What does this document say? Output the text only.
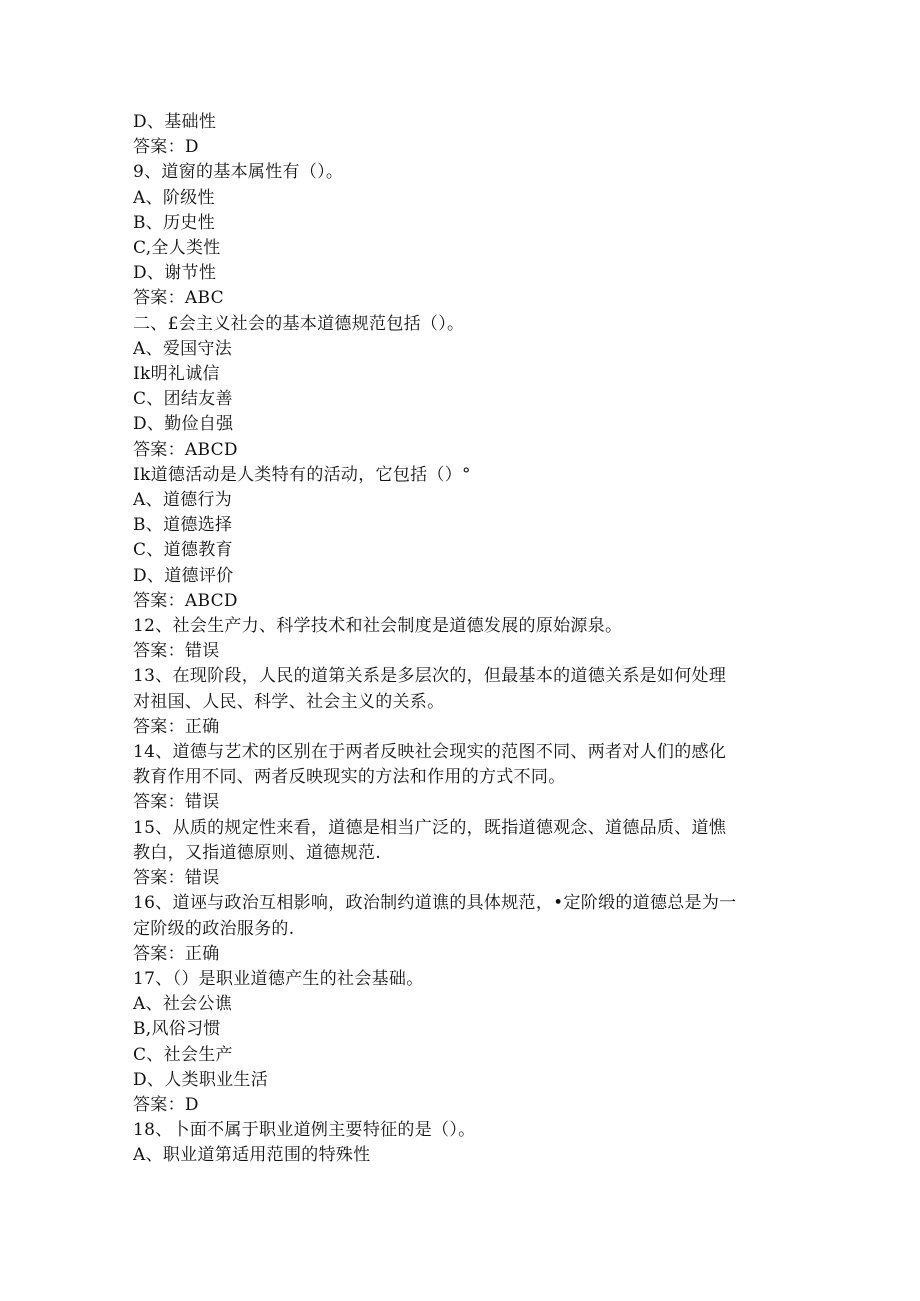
D、基础性
答案：D
9、道窗的基本属性有（）。
A、阶级性
B、历史性
C,全人类性
D、谢节性
答案：ABC
二、£会主义社会的基本道德规范包括（）。
A、爱国守法
Ik明礼诚信
C、团结友善
D、勤俭自强
答案：ABCD
Ik道德活动是人类特有的活动，它包括（）°
A、道德行为
B、道德选择
C、道德教育
D、道德评价
答案：ABCD
12、社会生产力、科学技术和社会制度是道德发展的原始源泉。
答案：错误
13、在现阶段，人民的道第关系是多层次的，但最基本的道德关系是如何处理
对祖国、人民、科学、社会主义的关系。
答案：正确
14、道德与艺术的区别在于两者反映社会现实的范图不同、两者对人们的感化
教育作用不同、两者反映现实的方法和作用的方式不同。
答案：错误
15、从质的规定性来看，道德是相当广泛的，既指道德观念、道德品质、道憔
教白，又指道德原则、道德规范.
答案：错误
16、道诬与政治互相影响，政治制约道谯的具体规范，•定阶缎的道德总是为一
定阶级的政治服务的.
答案：正确
17、（）是职业道德产生的社会基础。
A、社会公谯
B,风俗习惯
C、社会生产
D、人类职业生活
答案：D
18、卜面不属于职业道例主要特征的是（）。
A、职业道第适用范围的特殊性
